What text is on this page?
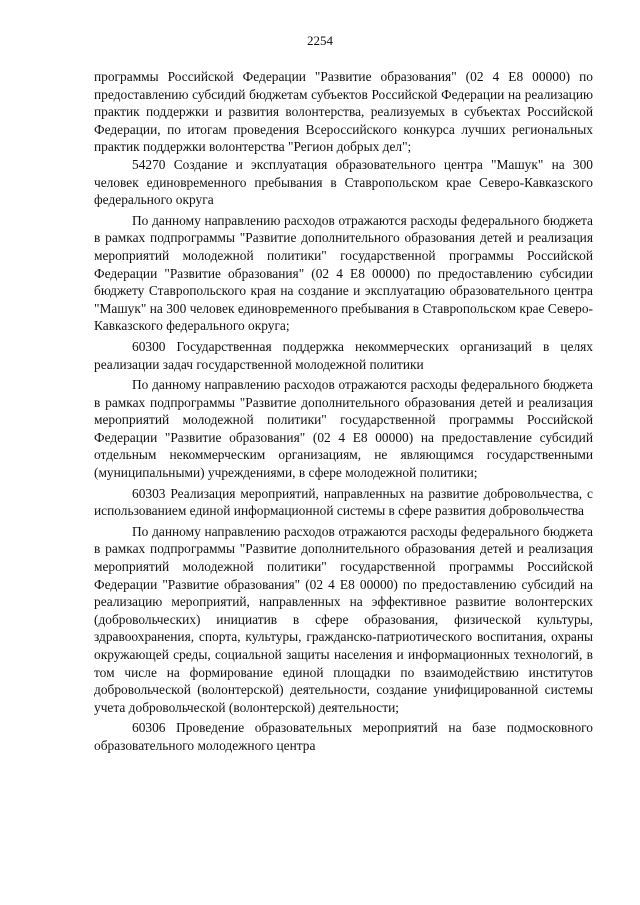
2254

программы Российской Федерации "Развитие образования" (02 4 E8 00000) по предоставлению субсидий бюджетам субъектов Российской Федерации на реализацию практик поддержки и развития волонтерства, реализуемых в субъектах Российской Федерации, по итогам проведения Всероссийского конкурса лучших региональных практик поддержки волонтерства "Регион добрых дел";

54270 Создание и эксплуатация образовательного центра "Машук" на 300 человек единовременного пребывания в Ставропольском крае Северо-Кавказского федерального округа

По данному направлению расходов отражаются расходы федерального бюджета в рамках подпрограммы "Развитие дополнительного образования детей и реализация мероприятий молодежной политики" государственной программы Российской Федерации "Развитие образования" (02 4 E8 00000) по предоставлению субсидии бюджету Ставропольского края на создание и эксплуатацию образовательного центра "Машук" на 300 человек единовременного пребывания в Ставропольском крае Северо-Кавказского федерального округа;

60300 Государственная поддержка некоммерческих организаций в целях реализации задач государственной молодежной политики

По данному направлению расходов отражаются расходы федерального бюджета в рамках подпрограммы "Развитие дополнительного образования детей и реализация мероприятий молодежной политики" государственной программы Российской Федерации "Развитие образования" (02 4 E8 00000) на предоставление субсидий отдельным некоммерческим организациям, не являющимся государственными (муниципальными) учреждениями, в сфере молодежной политики;

60303 Реализация мероприятий, направленных на развитие добровольчества, с использованием единой информационной системы в сфере развития добровольчества

По данному направлению расходов отражаются расходы федерального бюджета в рамках подпрограммы "Развитие дополнительного образования детей и реализация мероприятий молодежной политики" государственной программы Российской Федерации "Развитие образования" (02 4 E8 00000) по предоставлению субсидий на реализацию мероприятий, направленных на эффективное развитие волонтерских (добровольческих) инициатив в сфере образования, физической культуры, здравоохранения, спорта, культуры, гражданско-патриотического воспитания, охраны окружающей среды, социальной защиты населения и информационных технологий, в том числе на формирование единой площадки по взаимодействию институтов добровольческой (волонтерской) деятельности, создание унифицированной системы учета добровольческой (волонтерской) деятельности;

60306 Проведение образовательных мероприятий на базе подмосковного образовательного молодежного центра
